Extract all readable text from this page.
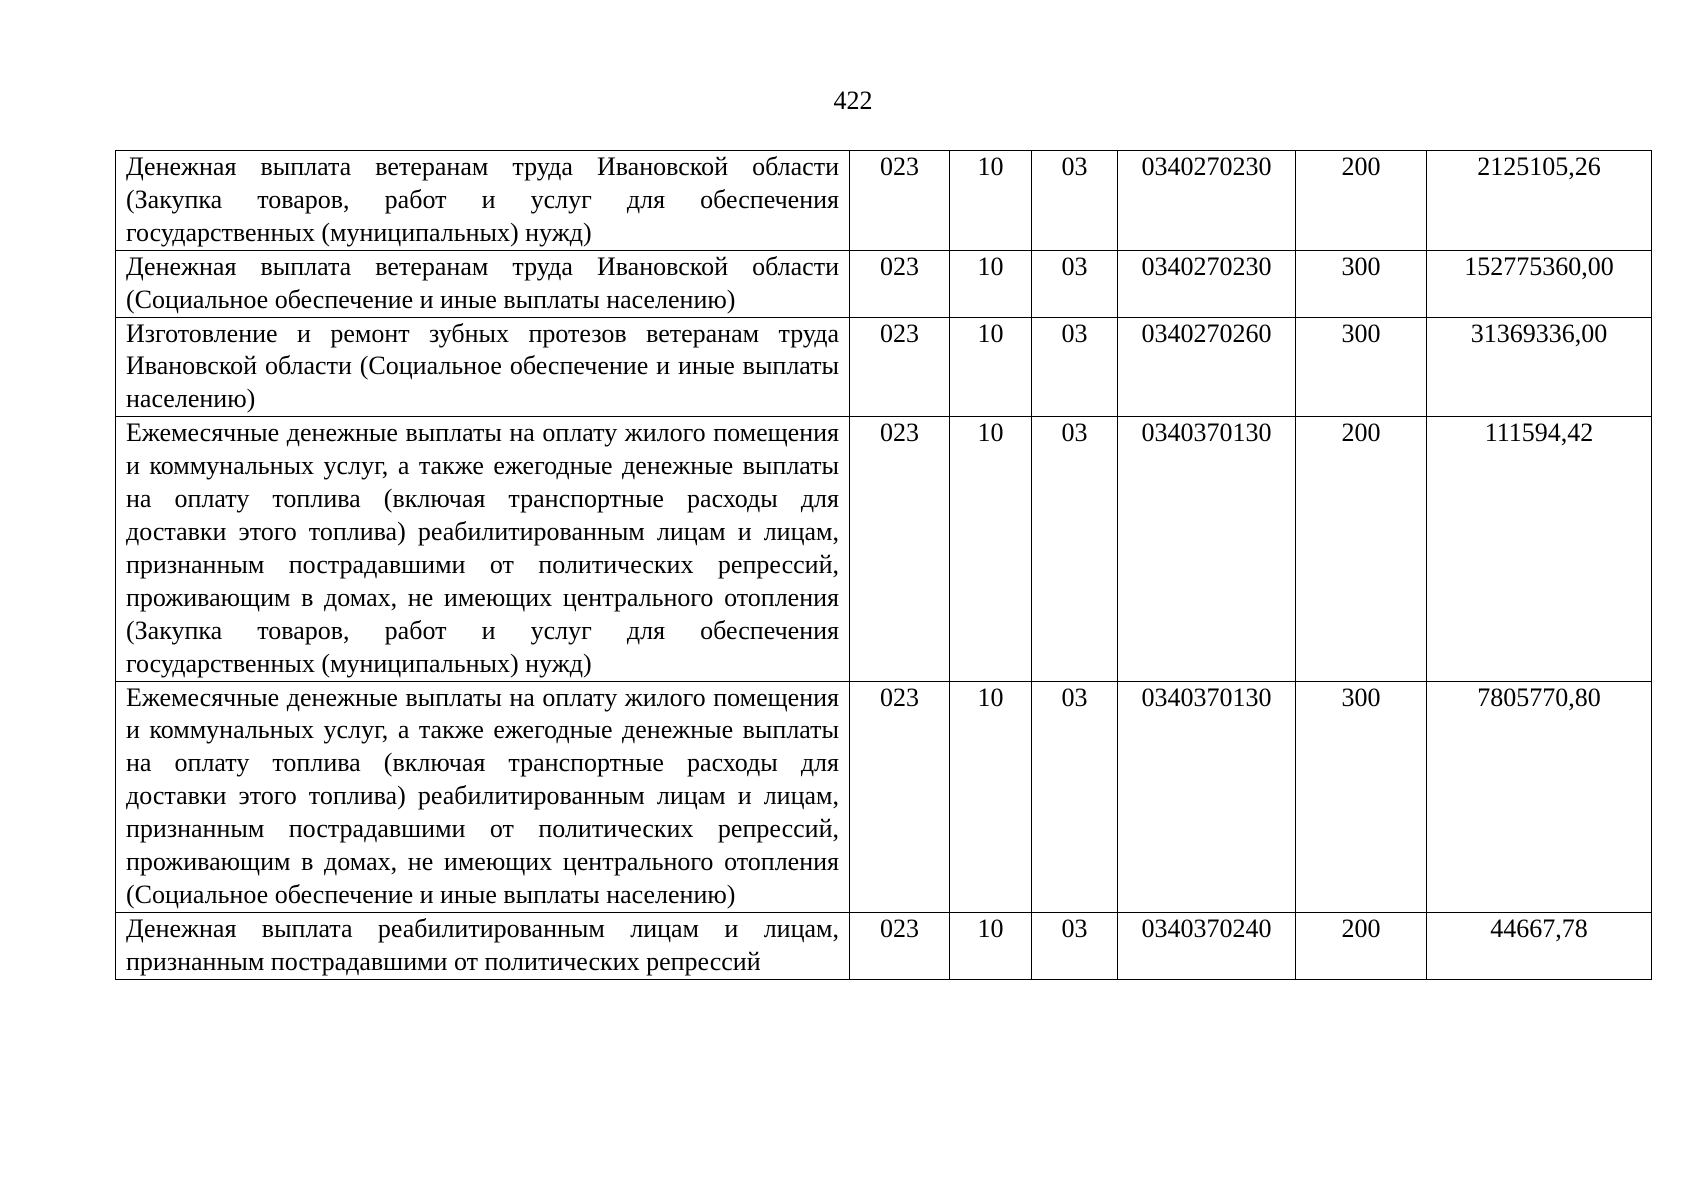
422
Денежная выплата ветеранам труда Ивановской области (Закупка товаров, работ и услуг для обеспечения государственных (муниципальных) нужд)	023	10	03	0340270230	200	2125105,26
Денежная выплата ветеранам труда Ивановской области (Социальное обеспечение и иные выплаты населению)	023	10	03	0340270230	300	152775360,00
Изготовление и ремонт зубных протезов ветеранам труда Ивановской области (Социальное обеспечение и иные выплаты населению)	023	10	03	0340270260	300	31369336,00
Ежемесячные денежные выплаты на оплату жилого помещения и коммунальных услуг, а также ежегодные денежные выплаты на оплату топлива (включая транспортные расходы для доставки этого топлива) реабилитированным лицам и лицам, признанным пострадавшими от политических репрессий, проживающим в домах, не имеющих центрального отопления (Закупка товаров, работ и услуг для обеспечения государственных (муниципальных) нужд)	023	10	03	0340370130	200	111594,42
Ежемесячные денежные выплаты на оплату жилого помещения и коммунальных услуг, а также ежегодные денежные выплаты на оплату топлива (включая транспортные расходы для доставки этого топлива) реабилитированным лицам и лицам, признанным пострадавшими от политических репрессий, проживающим в домах, не имеющих центрального отопления (Социальное обеспечение и иные выплаты населению)	023	10	03	0340370130	300	7805770,80
Денежная выплата реабилитированным лицам и лицам, признанным пострадавшими от политических репрессий	023	10	03	0340370240	200	44667,78
